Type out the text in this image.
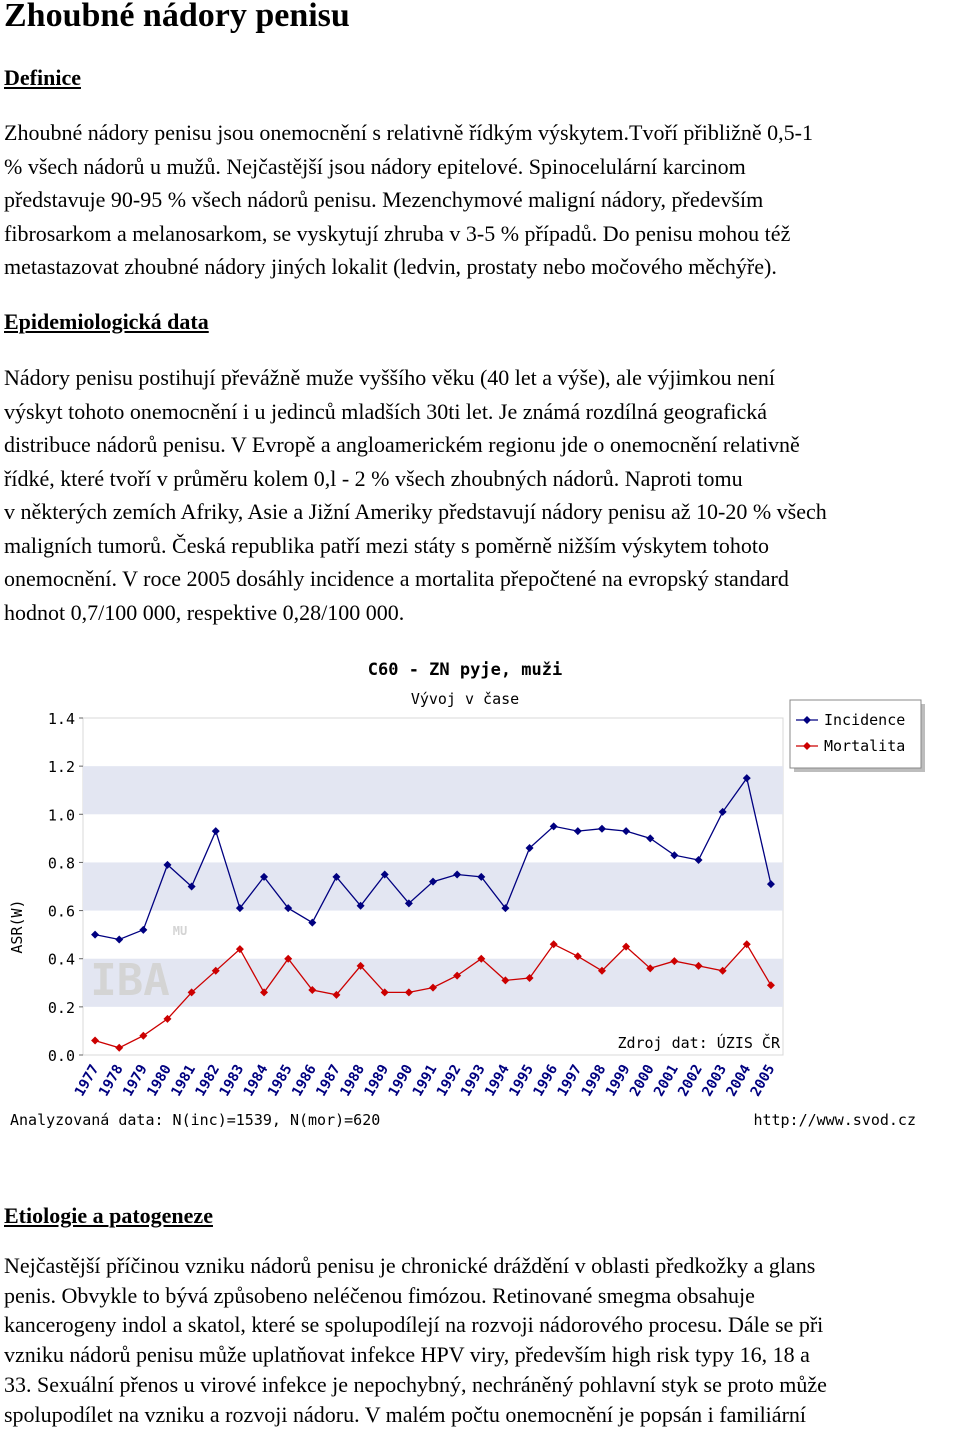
Zhoubné nádory penisu
Definice
Zhoubné nádory penisu jsou onemocnění s relativně řídkým výskytem.Tvoří přibližně 0,5-1
% všech nádorů u mužů. Nejčastější jsou nádory epitelové. Spinocelulární karcinom
představuje 90-95 % všech nádorů penisu. Mezenchymové maligní nádory, především
fibrosarkom a melanosarkom, se vyskytují zhruba v 3-5 % případů. Do penisu mohou též
metastazovat zhoubné nádory jiných lokalit (ledvin, prostaty nebo močového měchýře).
Epidemiologická data
Nádory penisu postihují převážně muže vyššího věku (40 let a výše), ale výjimkou není
výskyt tohoto onemocnění i u jedinců mladších 30ti let. Je známá rozdílná geografická
distribuce nádorů penisu. V Evropě a angloamerickém regionu jde o onemocnění relativně
řídké, které tvoří v průměru kolem 0,l - 2 % všech zhoubných nádorů. Naproti tomu
v některých zemích Afriky, Asie a Jižní Ameriky představují nádory penisu až 10-20 % všech
maligních tumorů. Česká republika patří mezi státy s poměrně nižším výskytem tohoto
onemocnění. V roce 2005 dosáhly incidence a mortalita přepočtené na evropský standard
hodnot 0,7/100 000, respektive 0,28/100 000.
C60 - ZN pyje, muži
Vývoj v čase
IBA
MU
0.0
0.2
0.4
0.6
0.8
1.0
1.2
1.4
1977
1978
1979
1980
1981
1982
1983
1984
1985
1986
1987
1988
1989
1990
1991
1992
1993
1994
1995
1996
1997
1998
1999
2000
2001
2002
2003
2004
2005
ASR(W)
Zdroj dat: ÚZIS ČR
Analyzovaná data: N(inc)=1539, N(mor)=620	http://www.svod.cz
Incidence
Mortalita
Etiologie a patogeneze
Nejčastější příčinou vzniku nádorů penisu je chronické dráždění v oblasti předkožky a glans
penis. Obvykle to bývá způsobeno neléčenou fimózou. Retinované smegma obsahuje
kancerogeny indol a skatol, které se spolupodílejí na rozvoji nádorového procesu. Dále se při
vzniku nádorů penisu může uplatňovat infekce HPV viry, především high risk typy 16, 18 a
33. Sexuální přenos u virové infekce je nepochybný, nechráněný pohlavní styk se proto může
spolupodílet na vzniku a rozvoji nádoru. V malém počtu onemocnění je popsán i familiární
